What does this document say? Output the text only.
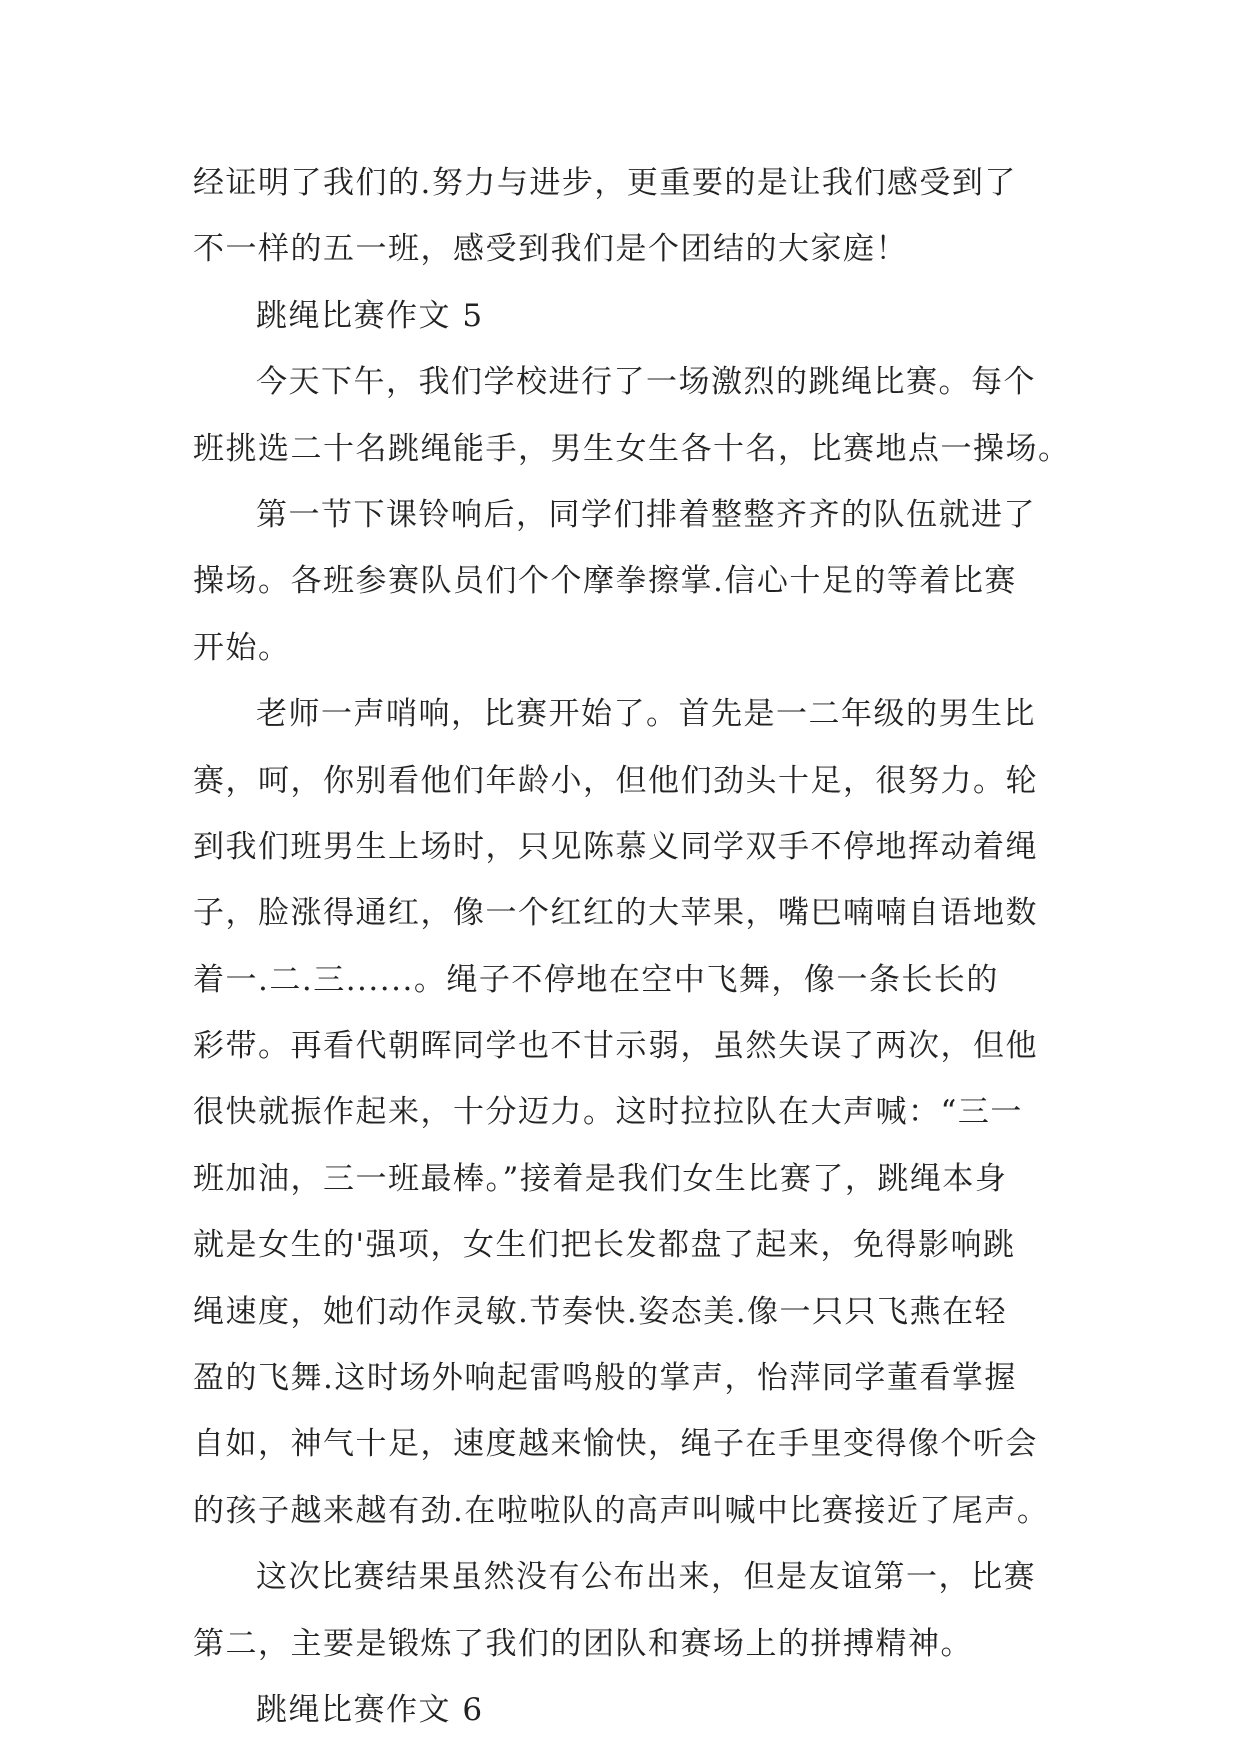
经证明了我们的.努力与进步，更重要的是让我们感受到了
不一样的五一班，感受到我们是个团结的大家庭！
跳绳比赛作文 5
今天下午，我们学校进行了一场激烈的跳绳比赛。每个
班挑选二十名跳绳能手，男生女生各十名，比赛地点一操场。
第一节下课铃响后，同学们排着整整齐齐的队伍就进了
操场。各班参赛队员们个个摩拳擦掌.信心十足的等着比赛
开始。
老师一声哨响，比赛开始了。首先是一二年级的男生比
赛，呵，你别看他们年龄小，但他们劲头十足，很努力。轮
到我们班男生上场时，只见陈慕义同学双手不停地挥动着绳
子，脸涨得通红，像一个红红的大苹果，嘴巴喃喃自语地数
着一.二.三......。绳子不停地在空中飞舞，像一条长长的
彩带。再看代朝晖同学也不甘示弱，虽然失误了两次，但他
很快就振作起来，十分迈力。这时拉拉队在大声喊：“三一
班加油，三一班最棒。”接着是我们女生比赛了，跳绳本身
就是女生的'强项，女生们把长发都盘了起来，免得影响跳
绳速度，她们动作灵敏.节奏快.姿态美.像一只只飞燕在轻
盈的飞舞.这时场外响起雷鸣般的掌声，怡萍同学董看掌握
自如，神气十足，速度越来愉快，绳子在手里变得像个听会
的孩子越来越有劲.在啦啦队的高声叫喊中比赛接近了尾声。
这次比赛结果虽然没有公布出来，但是友谊第一，比赛
第二，主要是锻炼了我们的团队和赛场上的拼搏精神。
跳绳比赛作文 6
